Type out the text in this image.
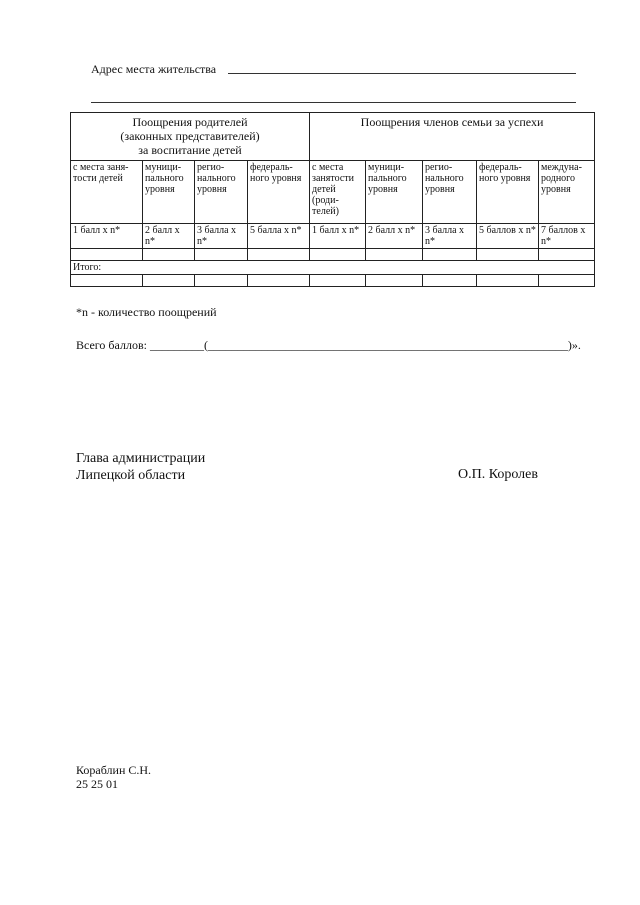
Адрес места жительства
Поощрения родителей
(законных представителей)
за воспитание детей				Поощрения членов семьи за успехи				
с места заня-тости детей	муници-пального уровня	регио-нального уровня	федераль-ного уровня	с места занятости детей (роди-телей)	муници-пального уровня	регио-нального уровня	федераль-ного уровня	междуна-родного уровня
1 балл х n*	2 балл х n*	3 балла х n*	5 балла х n*	1 балл х n*	2 балл х n*	3 балла х n*	5 баллов х n*	7 баллов х n*

Итого:								

*n - количество поощрений
Всего баллов: _________(____________________________________________________________)».
Глава администрации
Липецкой области	О.П. Королев
Кораблин С.Н.
25 25 01
